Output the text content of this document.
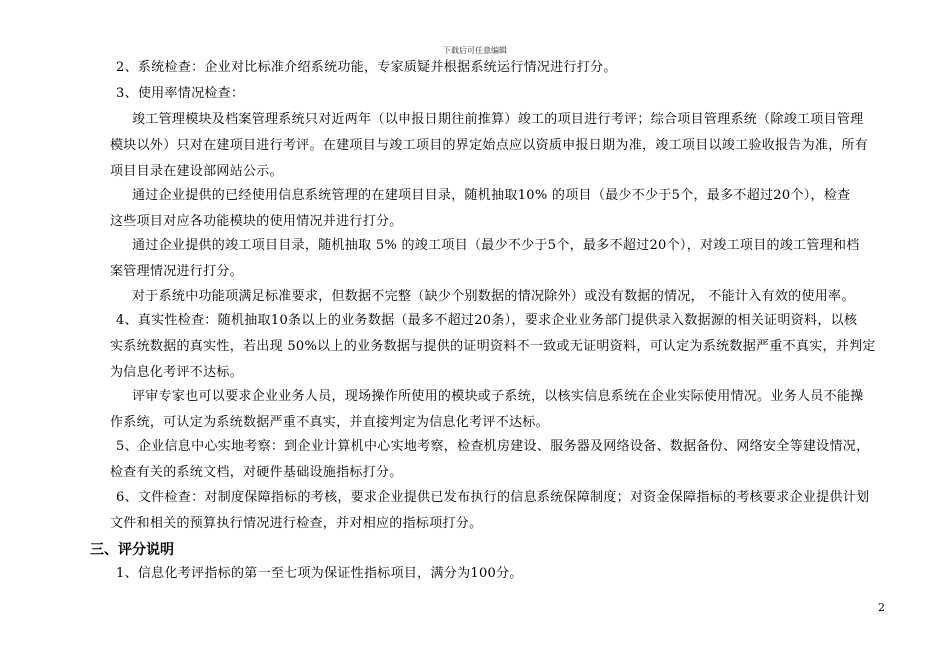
下载后可任意编辑
2、系统检查：企业对比标准介绍系统功能，专家质疑并根据系统运行情况进行打分。
3、使用率情况检查：
竣工管理模块及档案管理系统只对近两年（以申报日期往前推算）竣工的项目进行考评；综合项目管理系统（除竣工项目管理
模块以外）只对在建项目进行考评。在建项目与竣工项目的界定始点应以资质申报日期为准，竣工项目以竣工验收报告为准，所有
项目目录在建设部网站公示。
通过企业提供的已经使用信息系统管理的在建项目目录，随机抽取10% 的项目（最少不少于5个，最多不超过20个），检查
这些项目对应各功能模块的使用情况并进行打分。
通过企业提供的竣工项目目录，随机抽取 5% 的竣工项目（最少不少于5个，最多不超过20个），对竣工项目的竣工管理和档
案管理情况进行打分。
对于系统中功能项满足标准要求，但数据不完整（缺少个别数据的情况除外）或没有数据的情况， 不能计入有效的使用率。
4、真实性检查：随机抽取10条以上的业务数据（最多不超过20条），要求企业业务部门提供录入数据源的相关证明资料，以核
实系统数据的真实性，若出现 50%以上的业务数据与提供的证明资料不一致或无证明资料，可认定为系统数据严重不真实，并判定
为信息化考评不达标。
评审专家也可以要求企业业务人员，现场操作所使用的模块或子系统，以核实信息系统在企业实际使用情况。业务人员不能操
作系统，可认定为系统数据严重不真实，并直接判定为信息化考评不达标。
5、企业信息中心实地考察：到企业计算机中心实地考察，检查机房建设、服务器及网络设备、数据备份、网络安全等建设情况，
检查有关的系统文档，对硬件基础设施指标打分。
6、文件检查：对制度保障指标的考核，要求企业提供已发布执行的信息系统保障制度；对资金保障指标的考核要求企业提供计划
文件和相关的预算执行情况进行检查，并对相应的指标项打分。
三、评分说明
1、信息化考评指标的第一至七项为保证性指标项目，满分为100分。
2
